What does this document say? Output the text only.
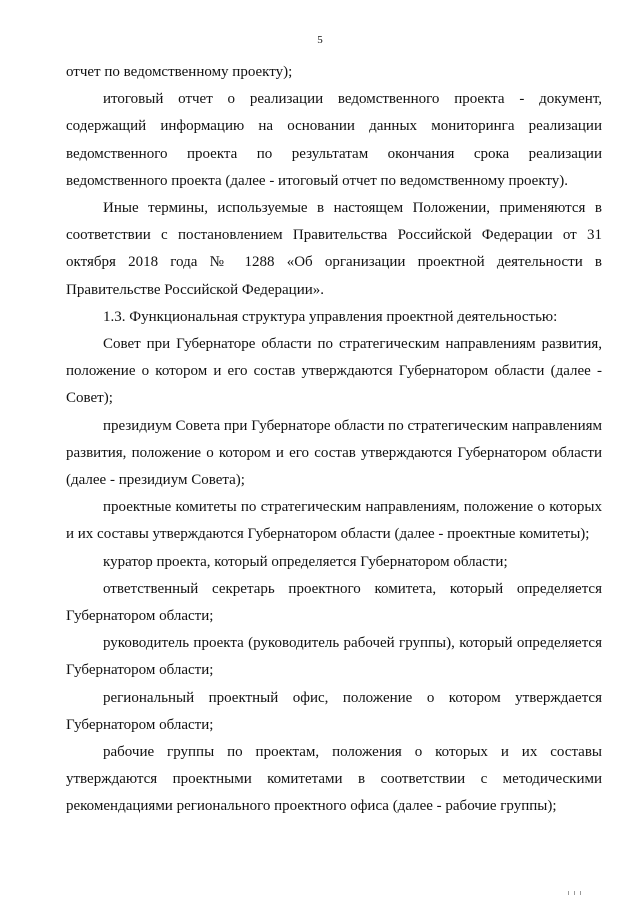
5

отчет по ведомственному проекту);

итоговый отчет о реализации ведомственного проекта - документ, содержащий информацию на основании данных мониторинга реализации ведомственного проекта по результатам окончания срока реализации ведомственного проекта (далее - итоговый отчет по ведомственному проекту).

Иные термины, используемые в настоящем Положении, применяются в соответствии с постановлением Правительства Российской Федерации от 31 октября 2018 года № 1288 «Об организации проектной деятельности в Правительстве Российской Федерации».

1.3. Функциональная структура управления проектной деятельностью:

Совет при Губернаторе области по стратегическим направлениям развития, положение о котором и его состав утверждаются Губернатором области (далее - Совет);

президиум Совета при Губернаторе области по стратегическим направлениям развития, положение о котором и его состав утверждаются Губернатором области (далее - президиум Совета);

проектные комитеты по стратегическим направлениям, положение о которых и их составы утверждаются Губернатором области (далее - проектные комитеты);

куратор проекта, который определяется Губернатором области;

ответственный секретарь проектного комитета, который определяется Губернатором области;

руководитель проекта (руководитель рабочей группы), который определяется Губернатором области;

региональный проектный офис, положение о котором утверждается Губернатором области;

рабочие группы по проектам, положения о которых и их составы утверждаются проектными комитетами в соответствии с методическими рекомендациями регионального проектного офиса (далее - рабочие группы);
